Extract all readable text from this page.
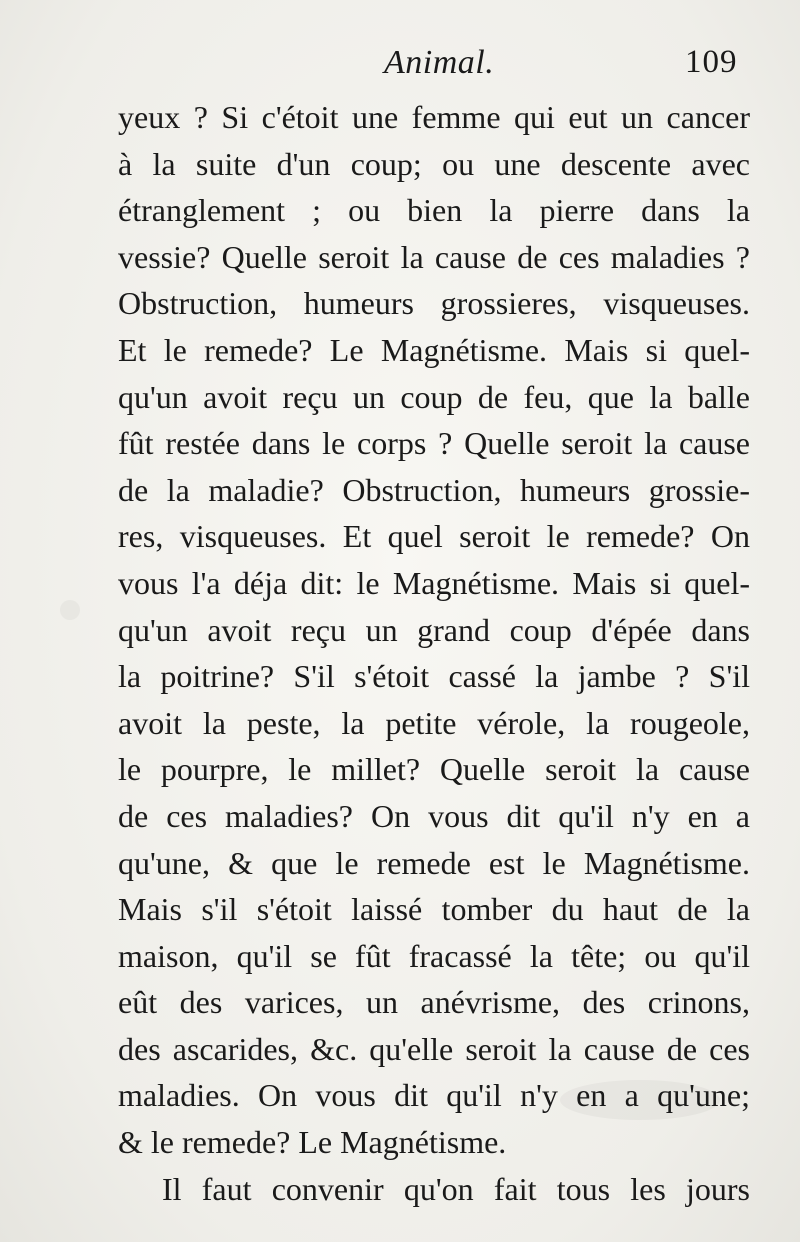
Animal.	109
yeux ? Si c'étoit une femme qui eut un cancer
à la suite d'un coup; ou une descente avec
étranglement ; ou bien la pierre dans la
vessie? Quelle seroit la cause de ces maladies ?
Obstruction, humeurs grossieres, visqueuses.
Et le remede? Le Magnétisme. Mais si quel-
qu'un avoit reçu un coup de feu, que la balle
fût restée dans le corps ? Quelle seroit la cause
de la maladie? Obstruction, humeurs grossie-
res, visqueuses. Et quel seroit le remede? On
vous l'a déja dit: le Magnétisme. Mais si quel-
qu'un avoit reçu un grand coup d'épée dans
la poitrine? S'il s'étoit cassé la jambe ? S'il
avoit la peste, la petite vérole, la rougeole,
le pourpre, le millet? Quelle seroit la cause
de ces maladies? On vous dit qu'il n'y en a
qu'une, & que le remede est le Magnétisme.
Mais s'il s'étoit laissé tomber du haut de la
maison, qu'il se fût fracassé la tête; ou qu'il
eût des varices, un anévrisme, des crinons,
des ascarides, &c. qu'elle seroit la cause de ces
maladies. On vous dit qu'il n'y en a qu'une;
& le remede? Le Magnétisme.
Il faut convenir qu'on fait tous les jours
